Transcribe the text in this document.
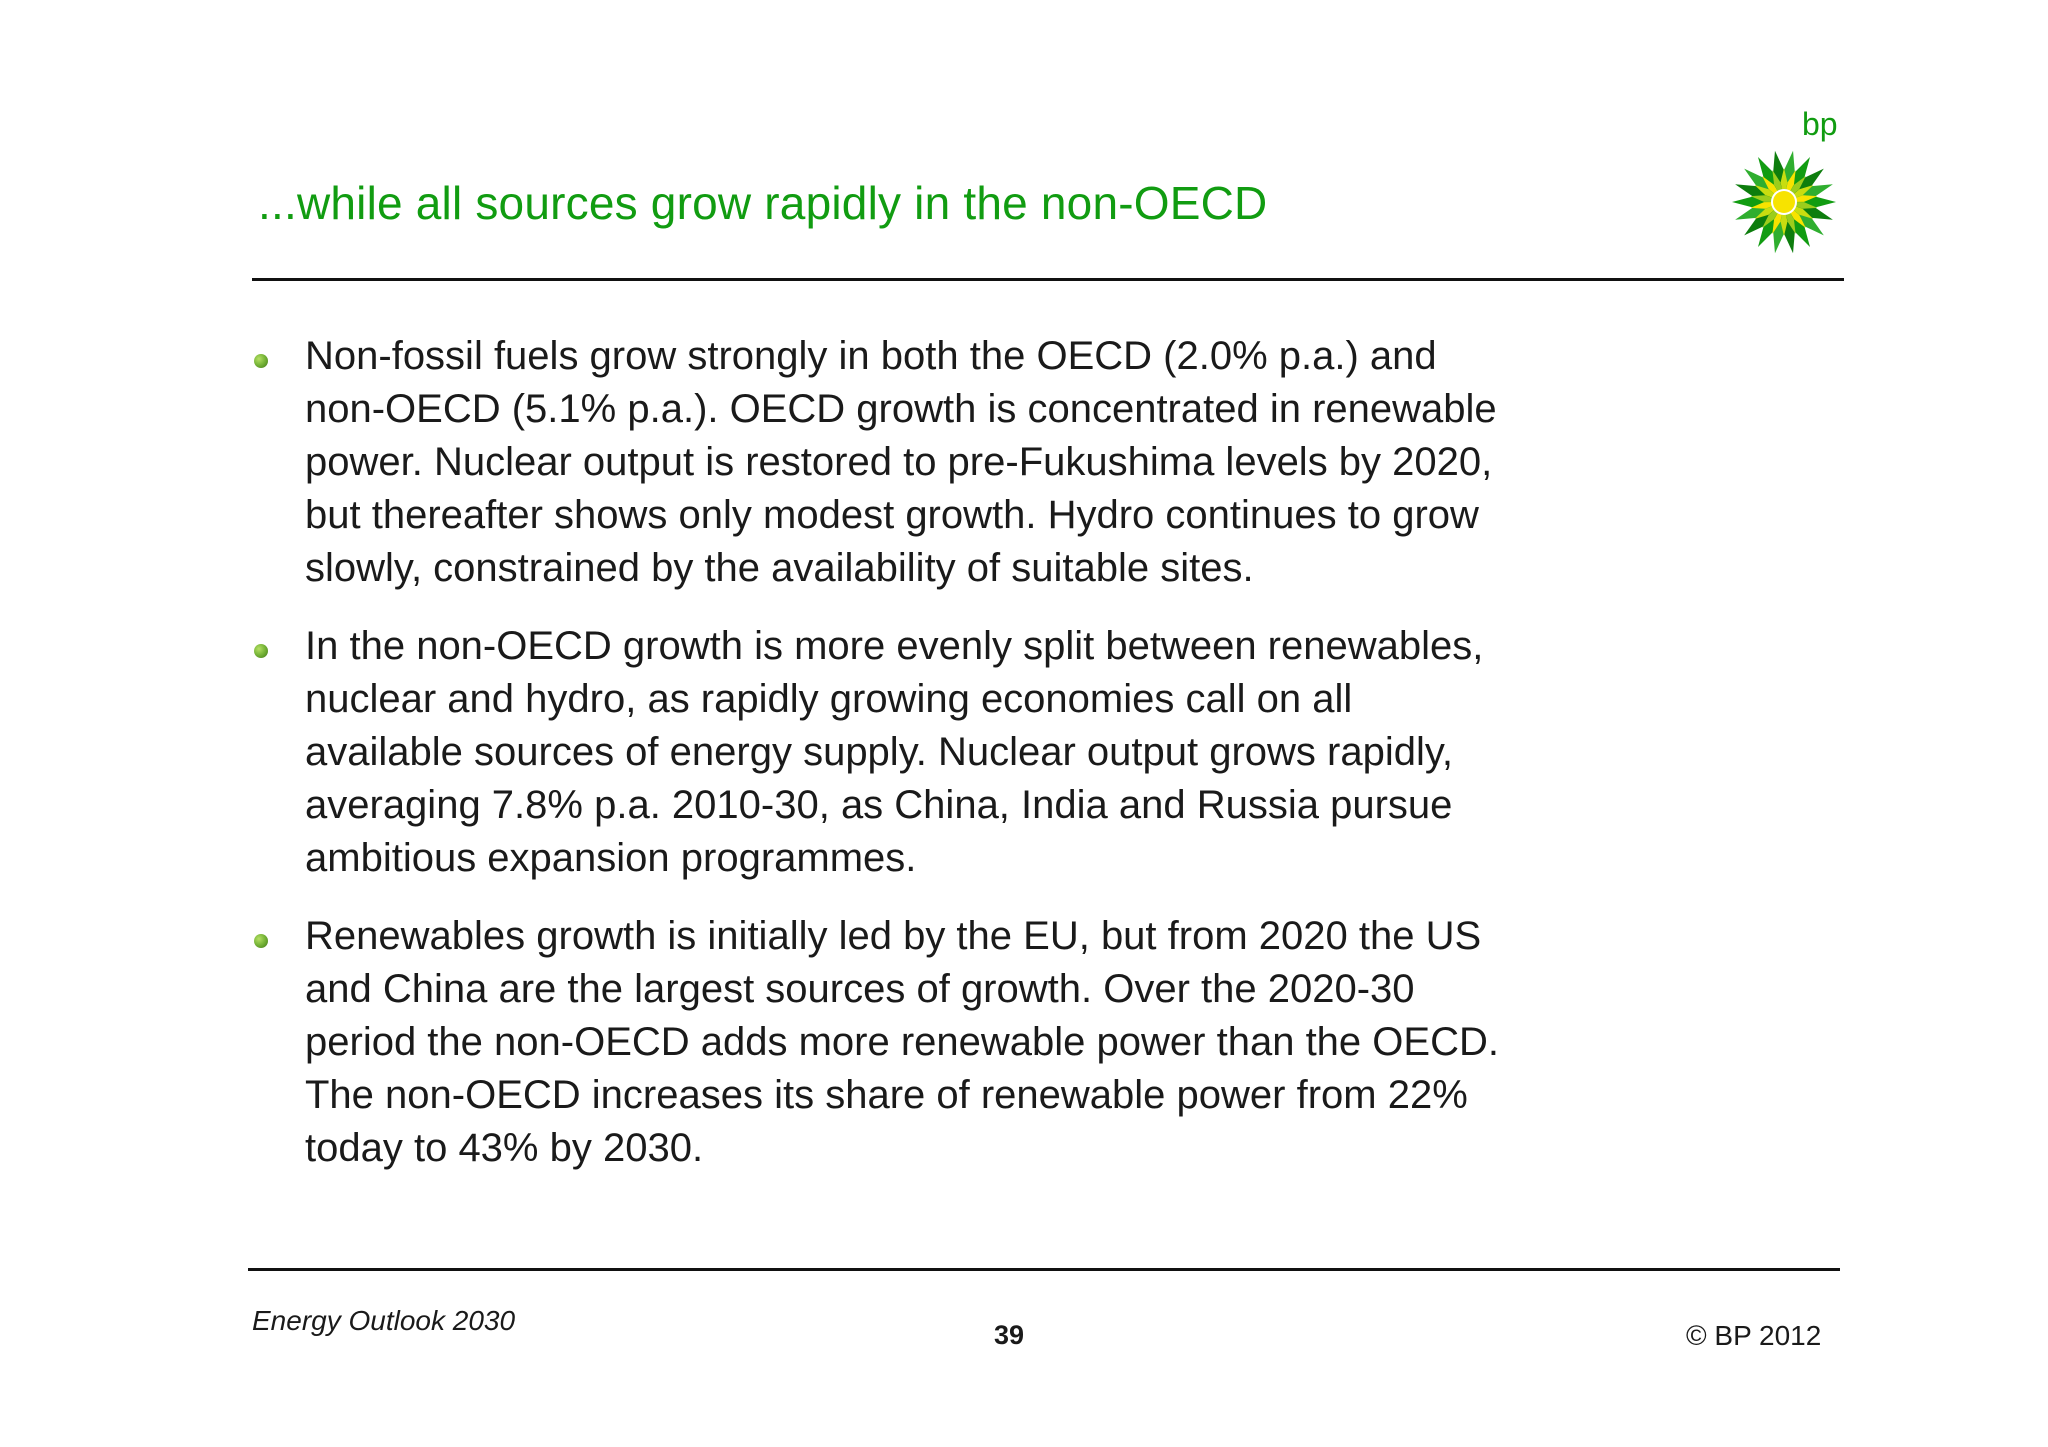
...while all sources grow rapidly in the non-OECD
bp
Non-fossil fuels grow strongly in both the OECD (2.0% p.a.) and
non-OECD (5.1% p.a.). OECD growth is concentrated in renewable
power. Nuclear output is restored to pre-Fukushima levels by 2020,
but thereafter shows only modest growth. Hydro continues to grow
slowly, constrained by the availability of suitable sites.
In the non-OECD growth is more evenly split between renewables,
nuclear and hydro, as rapidly growing economies call on all
available sources of energy supply. Nuclear output grows rapidly,
averaging 7.8% p.a. 2010-30, as China, India and Russia pursue
ambitious expansion programmes.
Renewables growth is initially led by the EU, but from 2020 the US
and China are the largest sources of growth. Over the 2020-30
period the non-OECD adds more renewable power than the OECD.
The non-OECD increases its share of renewable power from 22%
today to 43% by 2030.
Energy Outlook 2030	39	© BP 2012
